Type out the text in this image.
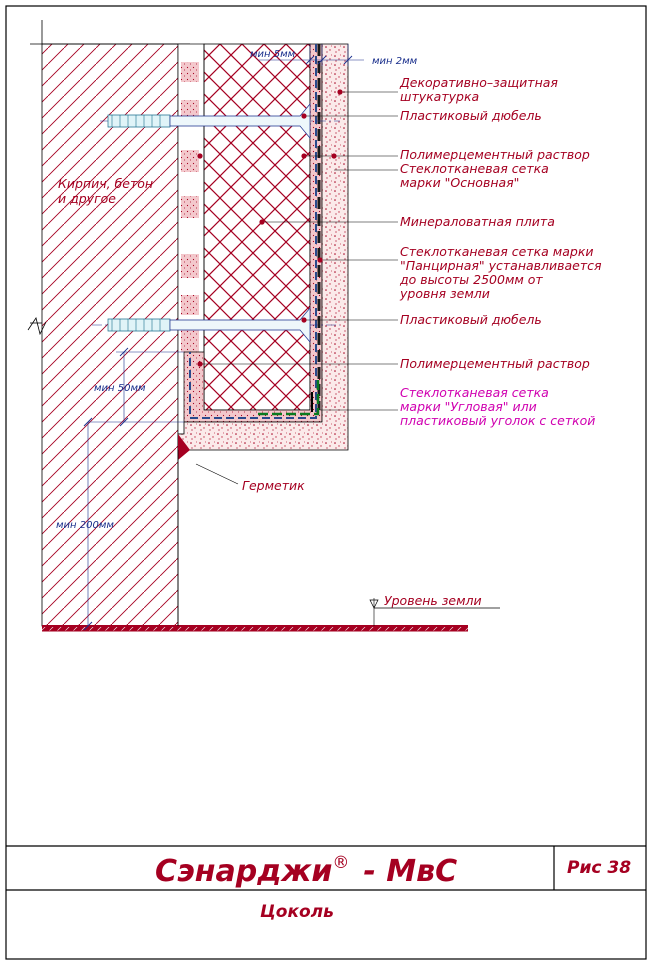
Декоративно–защитная
штукатурка
Пластиковый дюбель
Полимерцементный раствор
Стеклотканевая сетка
марки "Основная"
Минераловатная плита
Стеклотканевая сетка марки
"Панцирная" устанавливается
до высоты 2500мм от
уровня земли
Пластиковый дюбель
Полимерцементный раствор
Стеклотканевая сетка
марки "Угловая" или
пластиковый уголок с сеткой
Герметик
Уровень земли
Кирпич, бетон
и другое
мин 5мм
мин 2мм
мин 50мм
мин 200мм
Сэнарджи® - МвС	Рис 38
Цоколь
